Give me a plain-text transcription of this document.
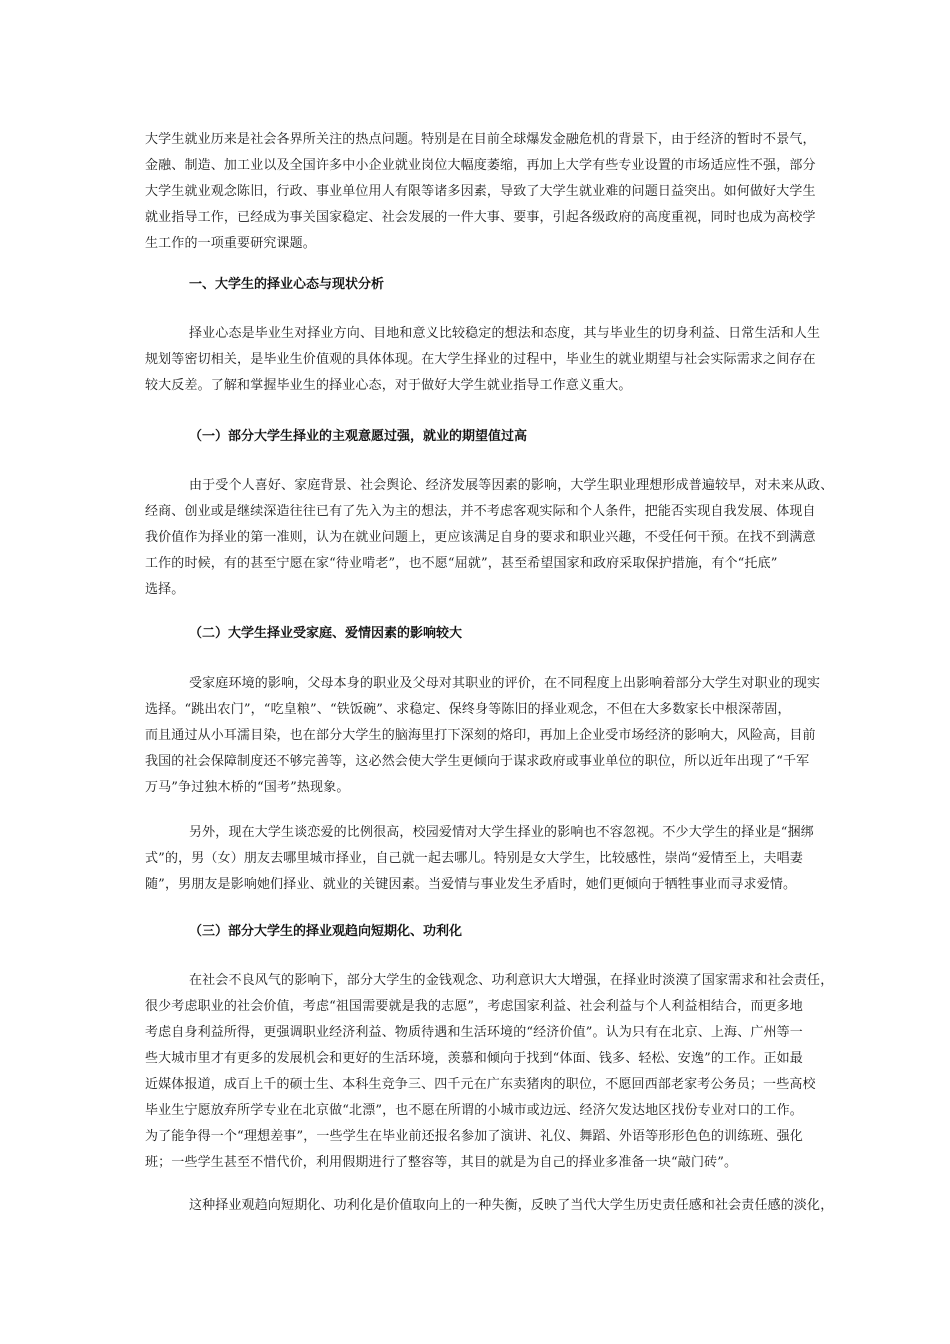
大学生就业历来是社会各界所关注的热点问题。特别是在目前全球爆发金融危机的背景下，由于经济的暂时不景气，
金融、制造、加工业以及全国许多中小企业就业岗位大幅度萎缩，再加上大学有些专业设置的市场适应性不强，部分
大学生就业观念陈旧，行政、事业单位用人有限等诸多因素，导致了大学生就业难的问题日益突出。如何做好大学生
就业指导工作，已经成为事关国家稳定、社会发展的一件大事、要事，引起各级政府的高度重视，同时也成为高校学
生工作的一项重要研究课题。
一、大学生的择业心态与现状分析
择业心态是毕业生对择业方向、目地和意义比较稳定的想法和态度，其与毕业生的切身利益、日常生活和人生
规划等密切相关，是毕业生价值观的具体体现。在大学生择业的过程中，毕业生的就业期望与社会实际需求之间存在
较大反差。了解和掌握毕业生的择业心态，对于做好大学生就业指导工作意义重大。
（一）部分大学生择业的主观意愿过强，就业的期望值过高
由于受个人喜好、家庭背景、社会舆论、经济发展等因素的影响，大学生职业理想形成普遍较早，对未来从政、
经商、创业或是继续深造往往已有了先入为主的想法，并不考虑客观实际和个人条件，把能否实现自我发展、体现自
我价值作为择业的第一准则，认为在就业问题上，更应该满足自身的要求和职业兴趣，不受任何干预。在找不到满意
工作的时候，有的甚至宁愿在家“待业啃老”，也不愿“屈就”，甚至希望国家和政府采取保护措施，有个“托底”
选择。
（二）大学生择业受家庭、爱情因素的影响较大
受家庭环境的影响，父母本身的职业及父母对其职业的评价，在不同程度上出影响着部分大学生对职业的现实
选择。“跳出农门”，“吃皇粮”、“铁饭碗”、求稳定、保终身等陈旧的择业观念，不但在大多数家长中根深蒂固，
而且通过从小耳濡目染，也在部分大学生的脑海里打下深刻的烙印，再加上企业受市场经济的影响大，风险高，目前
我国的社会保障制度还不够完善等，这必然会使大学生更倾向于谋求政府或事业单位的职位，所以近年出现了“千军
万马”争过独木桥的“国考”热现象。
另外，现在大学生谈恋爱的比例很高，校园爱情对大学生择业的影响也不容忽视。不少大学生的择业是“捆绑
式”的，男（女）朋友去哪里城市择业，自己就一起去哪儿。特别是女大学生，比较感性，崇尚“爱情至上，夫唱妻
随”，男朋友是影响她们择业、就业的关键因素。当爱情与事业发生矛盾时，她们更倾向于牺牲事业而寻求爱情。
（三）部分大学生的择业观趋向短期化、功利化
在社会不良风气的影响下，部分大学生的金钱观念、功利意识大大增强，在择业时淡漠了国家需求和社会责任，
很少考虑职业的社会价值，考虑“祖国需要就是我的志愿”，考虑国家利益、社会利益与个人利益相结合，而更多地
考虑自身利益所得，更强调职业经济利益、物质待遇和生活环境的“经济价值”。认为只有在北京、上海、广州等一
些大城市里才有更多的发展机会和更好的生活环境，羡慕和倾向于找到“体面、钱多、轻松、安逸”的工作。正如最
近媒体报道，成百上千的硕士生、本科生竞争三、四千元在广东卖猪肉的职位，不愿回西部老家考公务员；一些高校
毕业生宁愿放弃所学专业在北京做“北漂”，也不愿在所谓的小城市或边远、经济欠发达地区找份专业对口的工作。
为了能争得一个“理想差事”，一些学生在毕业前还报名参加了演讲、礼仪、舞蹈、外语等形形色色的训练班、强化
班；一些学生甚至不惜代价，利用假期进行了整容等，其目的就是为自己的择业多准备一块“敲门砖”。
这种择业观趋向短期化、功利化是价值取向上的一种失衡，反映了当代大学生历史责任感和社会责任感的淡化，
